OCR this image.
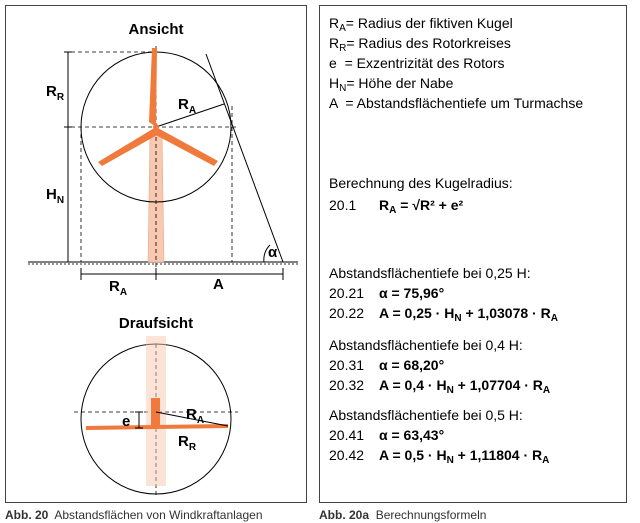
Ansicht
α
$R_R$
$H_N$
$R_A$
$R_A$	A
Draufsicht
$R_A$
$R_R$
e
$R_A=$ Radius der fiktiven Kugel
$R_R=$ Radius des Rotorkreises
e  = Exzentrizität des Rotors
$H_N=$ Höhe der Nabe
A  = Abstandsflächentiefe um Turmachse
Berechnung des Kugelradius:
20.1 $R_A = √R^2 + e^2$
Abstandsflächentiefe bei 0,25 H:
20.21 α = 75,96°
20.22 $A = 0,25 \cdot H_N + 1,03078 \cdot R_A$
Abstandsflächentiefe bei 0,4 H:
20.31 α = 68,20°
20.32 $A = 0,4 \cdot H_N + 1,07704 \cdot R_A$
Abstandsflächentiefe bei 0,5 H:
20.41 α = 63,43°
20.42 $A = 0,5 \cdot H_N + 1,11804 \cdot R_A$
Abb. 20 Abstandsflächen von Windkraftanlagen	Abb. 20a Berechnungsformeln
